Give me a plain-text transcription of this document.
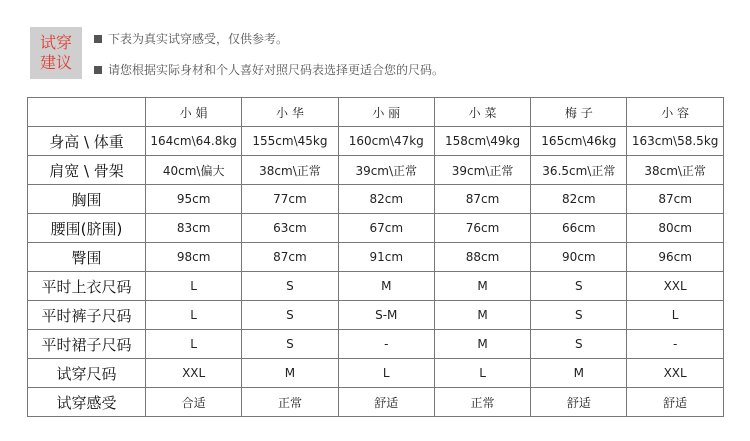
试穿
建议
下表为真实试穿感受，仅供参考。
请您根据实际身材和个人喜好对照尺码表选择更适合您的尺码。
	小 娟	小 华	小 丽	小 菜	梅 子	小 容
身高 \ 体重	164cm\64.8kg	155cm\45kg	160cm\47kg	158cm\49kg	165cm\46kg	163cm\58.5kg
肩宽 \ 骨架	40cm\偏大	38cm\正常	39cm\正常	39cm\正常	36.5cm\正常	38cm\正常
胸围	95cm	77cm	82cm	87cm	82cm	87cm
腰围(脐围)	83cm	63cm	67cm	76cm	66cm	80cm
臀围	98cm	87cm	91cm	88cm	90cm	96cm
平时上衣尺码	L	S	M	M	S	XXL
平时裤子尺码	L	S	S-M	M	S	L
平时裙子尺码	L	S	-	M	S	-
试穿尺码	XXL	M	L	L	M	XXL
试穿感受	合适	正常	舒适	正常	舒适	舒适
